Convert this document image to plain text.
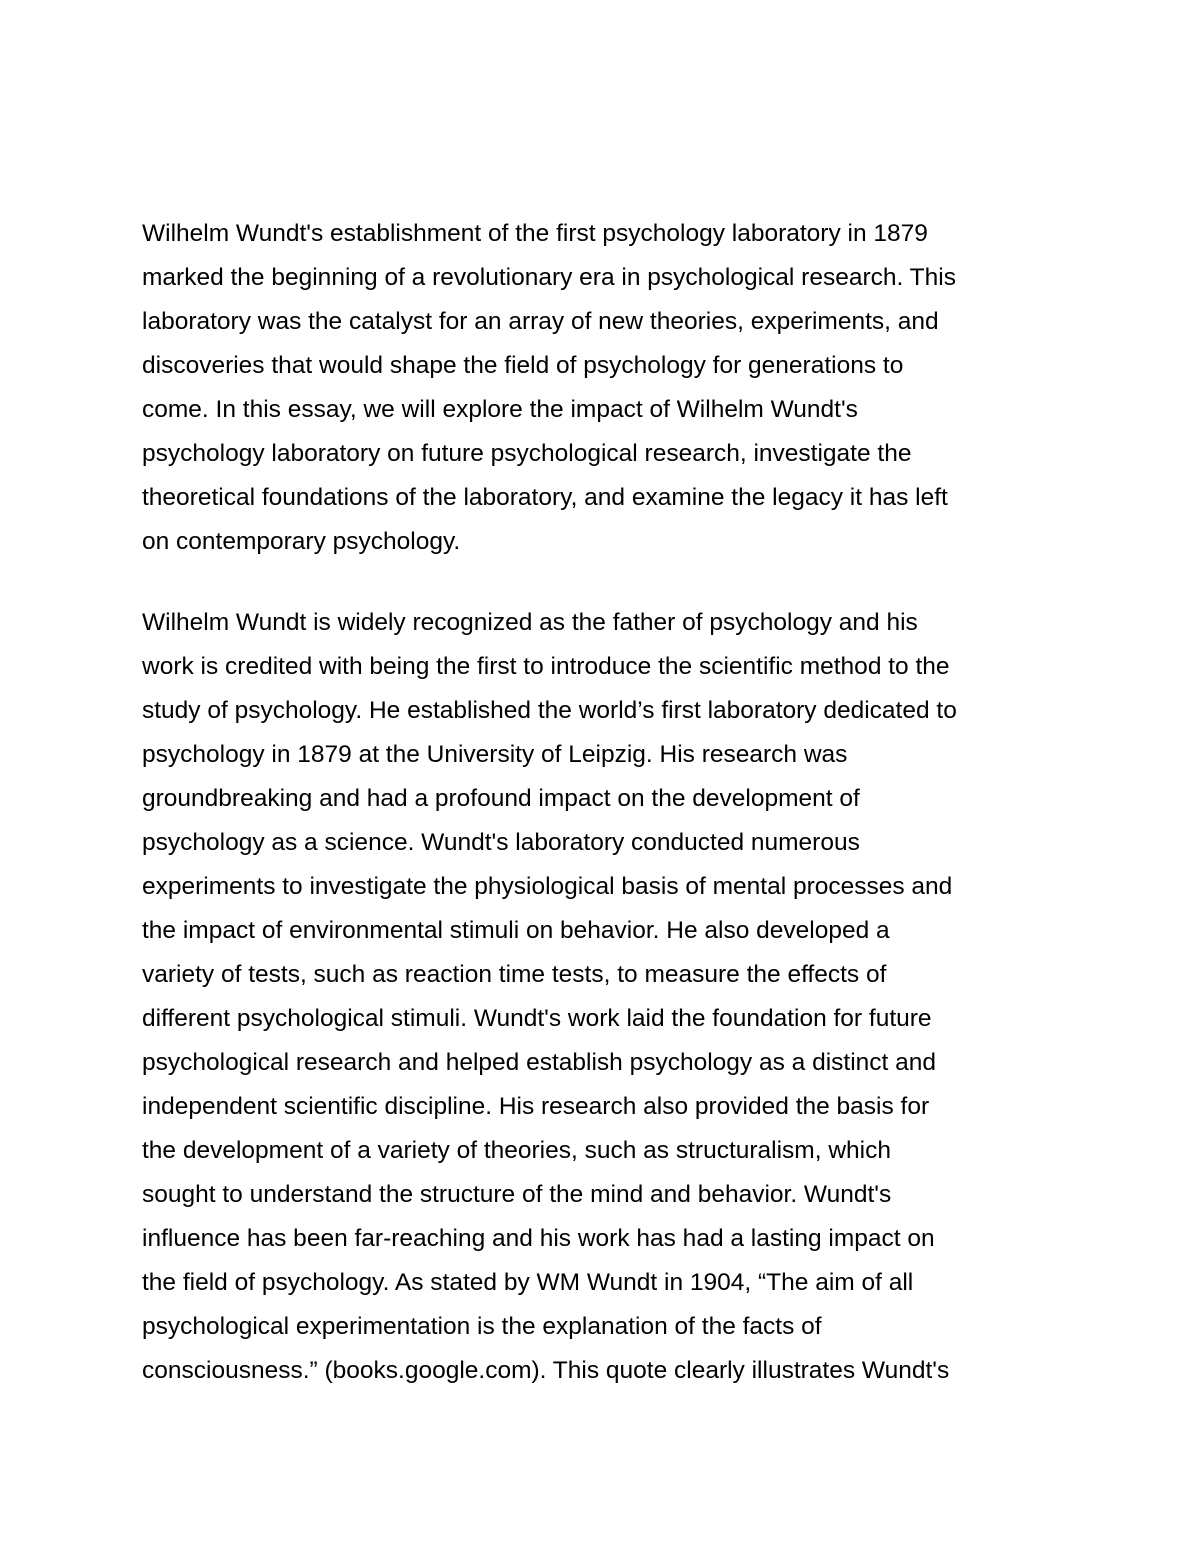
Wilhelm Wundt's establishment of the first psychology laboratory in 1879
marked the beginning of a revolutionary era in psychological research. This
laboratory was the catalyst for an array of new theories, experiments, and
discoveries that would shape the field of psychology for generations to
come. In this essay, we will explore the impact of Wilhelm Wundt's
psychology laboratory on future psychological research, investigate the
theoretical foundations of the laboratory, and examine the legacy it has left
on contemporary psychology.

Wilhelm Wundt is widely recognized as the father of psychology and his
work is credited with being the first to introduce the scientific method to the
study of psychology. He established the world’s first laboratory dedicated to
psychology in 1879 at the University of Leipzig. His research was
groundbreaking and had a profound impact on the development of
psychology as a science. Wundt's laboratory conducted numerous
experiments to investigate the physiological basis of mental processes and
the impact of environmental stimuli on behavior. He also developed a
variety of tests, such as reaction time tests, to measure the effects of
different psychological stimuli. Wundt's work laid the foundation for future
psychological research and helped establish psychology as a distinct and
independent scientific discipline. His research also provided the basis for
the development of a variety of theories, such as structuralism, which
sought to understand the structure of the mind and behavior. Wundt's
influence has been far-reaching and his work has had a lasting impact on
the field of psychology. As stated by WM Wundt in 1904, “The aim of all
psychological experimentation is the explanation of the facts of
consciousness.” (books.google.com). This quote clearly illustrates Wundt's
